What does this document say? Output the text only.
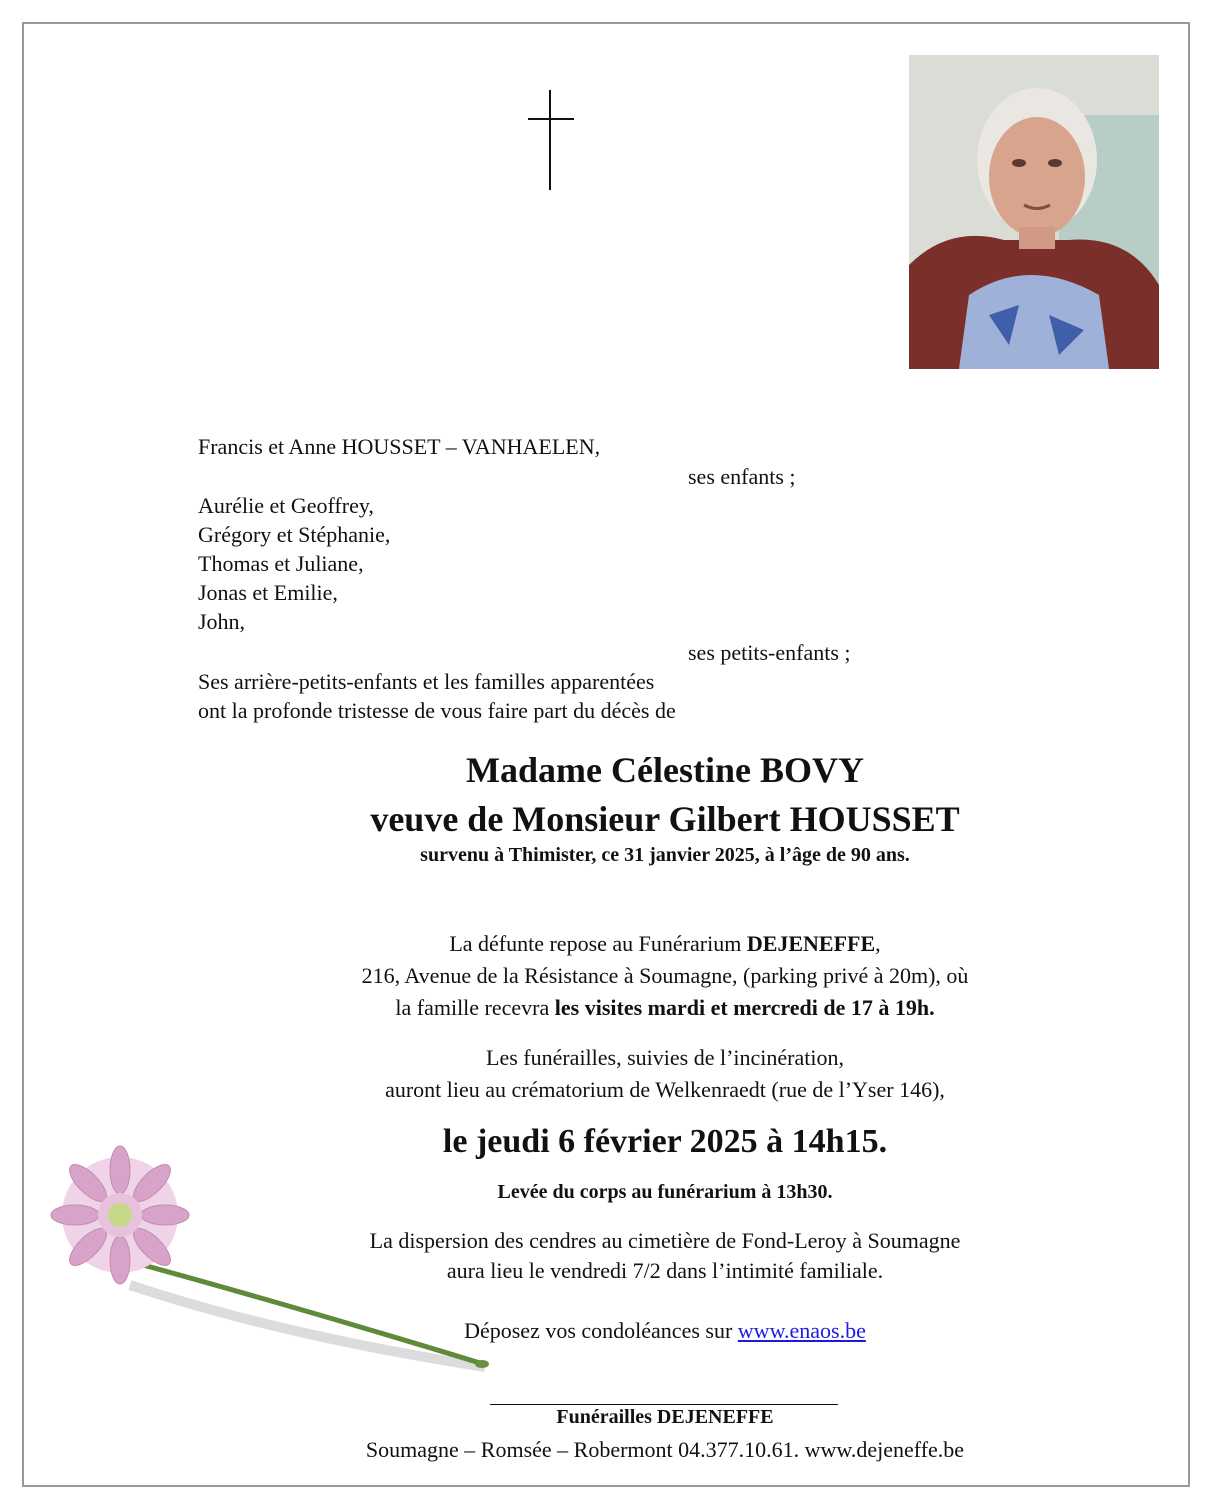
Francis et Anne HOUSSET – VANHAELEN,
ses enfants ;
Aurélie et Geoffrey,
Grégory et Stéphanie,
Thomas et Juliane,
Jonas et Emilie,
John,
ses petits-enfants ;
Ses arrière-petits-enfants et les familles apparentées
ont la profonde tristesse de vous faire part du décès de
Madame Célestine BOVY
veuve de Monsieur Gilbert HOUSSET
survenu à Thimister, ce 31 janvier 2025, à l’âge de 90 ans.
La défunte repose au Funérarium DEJENEFFE,
216, Avenue de la Résistance à Soumagne, (parking privé à 20m), où
la famille recevra les visites mardi et mercredi de 17 à 19h.
Les funérailles, suivies de l’incinération,
auront lieu au crématorium de Welkenraedt (rue de l’Yser 146),
le jeudi 6 février 2025 à 14h15.
Levée du corps au funérarium à 13h30.
La dispersion des cendres au cimetière de Fond-Leroy à Soumagne
aura lieu le vendredi 7/2 dans l’intimité familiale.
Déposez vos condoléances sur www.enaos.be
Funérailles DEJENEFFE
Soumagne – Romsée – Robermont 04.377.10.61. www.dejeneffe.be
